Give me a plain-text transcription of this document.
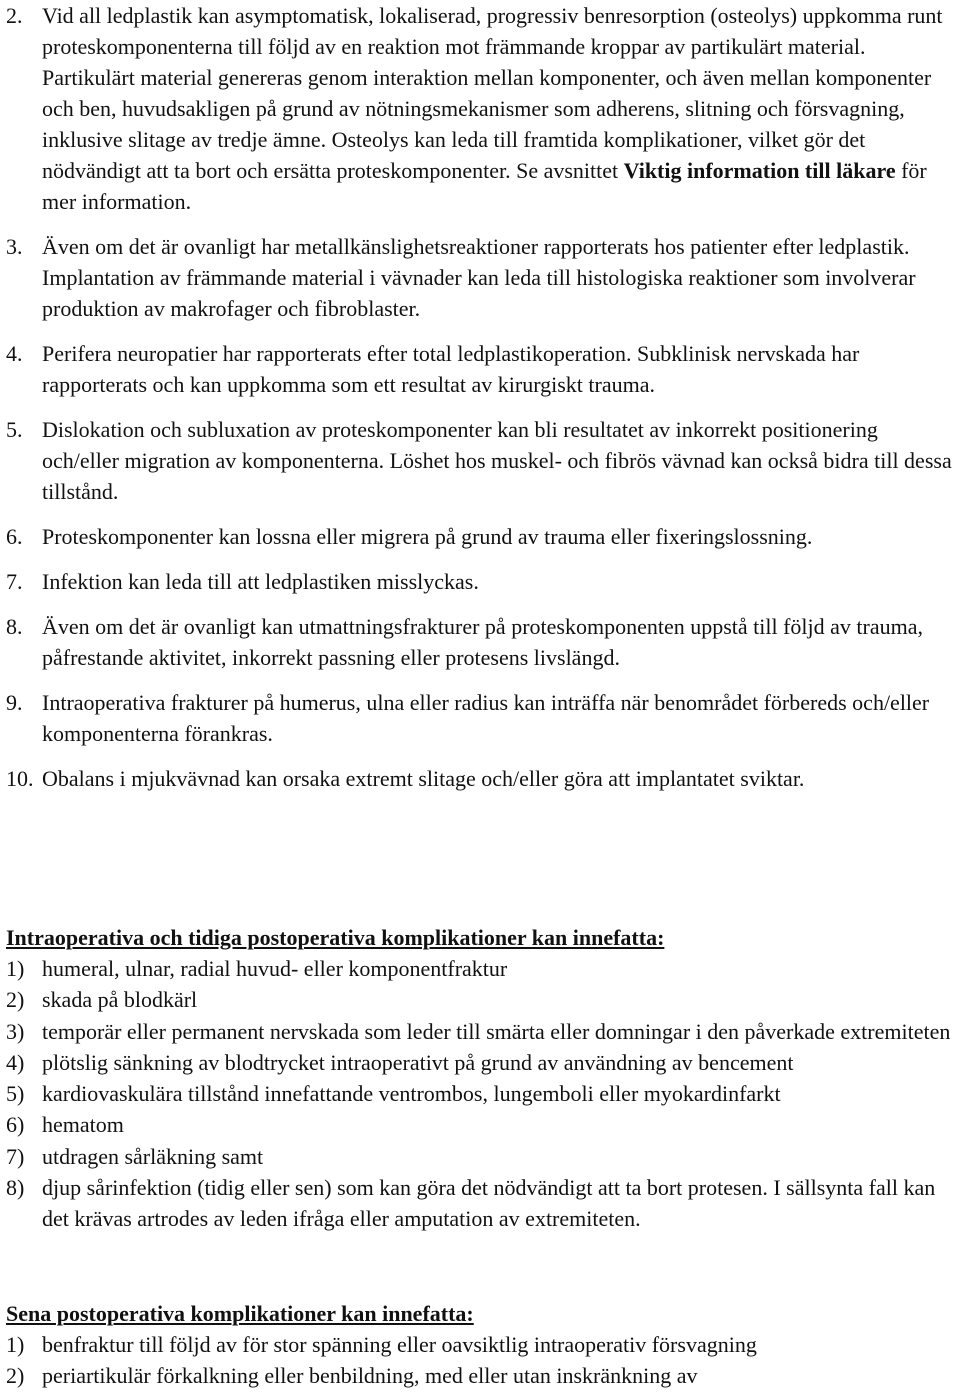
2. Vid all ledplastik kan asymptomatisk, lokaliserad, progressiv benresorption (osteolys) uppkomma runt proteskomponenterna till följd av en reaktion mot främmande kroppar av partikulärt material. Partikulärt material genereras genom interaktion mellan komponenter, och även mellan komponenter och ben, huvudsakligen på grund av nötningsmekanismer som adherens, slitning och försvagning, inklusive slitage av tredje ämne. Osteolys kan leda till framtida komplikationer, vilket gör det nödvändigt att ta bort och ersätta proteskomponenter. Se avsnittet Viktig information till läkare för mer information.
3. Även om det är ovanligt har metallkänslighetsreaktioner rapporterats hos patienter efter ledplastik. Implantation av främmande material i vävnader kan leda till histologiska reaktioner som involverar produktion av makrofager och fibroblaster.
4. Perifera neuropatier har rapporterats efter total ledplastikoperation. Subklinisk nervskada har rapporterats och kan uppkomma som ett resultat av kirurgiskt trauma.
5. Dislokation och subluxation av proteskomponenter kan bli resultatet av inkorrekt positionering och/eller migration av komponenterna. Löshet hos muskel- och fibrös vävnad kan också bidra till dessa tillstånd.
6. Proteskomponenter kan lossna eller migrera på grund av trauma eller fixeringslossning.
7. Infektion kan leda till att ledplastiken misslyckas.
8. Även om det är ovanligt kan utmattningsfrakturer på proteskomponenten uppstå till följd av trauma, påfrestande aktivitet, inkorrekt passning eller protesens livslängd.
9. Intraoperativa frakturer på humerus, ulna eller radius kan inträffa när benområdet förbereds och/eller komponenterna förankras.
10. Obalans i mjukvävnad kan orsaka extremt slitage och/eller göra att implantatet sviktar.
Intraoperativa och tidiga postoperativa komplikationer kan innefatta:
1) humeral, ulnar, radial huvud- eller komponentfraktur
2) skada på blodkärl
3) temporär eller permanent nervskada som leder till smärta eller domningar i den påverkade extremiteten
4) plötslig sänkning av blodtrycket intraoperativt på grund av användning av bencement
5) kardiovaskulära tillstånd innefattande ventrombos, lungemboli eller myokardinfarkt
6) hematom
7) utdragen sårläkning samt
8) djup sårinfektion (tidig eller sen) som kan göra det nödvändigt att ta bort protesen. I sällsynta fall kan det krävas artrodes av leden ifråga eller amputation av extremiteten.
Sena postoperativa komplikationer kan innefatta:
1) benfraktur till följd av för stor spänning eller oavsiktlig intraoperativ försvagning
2) periartikulär förkalkning eller benbildning, med eller utan inskränkning av
